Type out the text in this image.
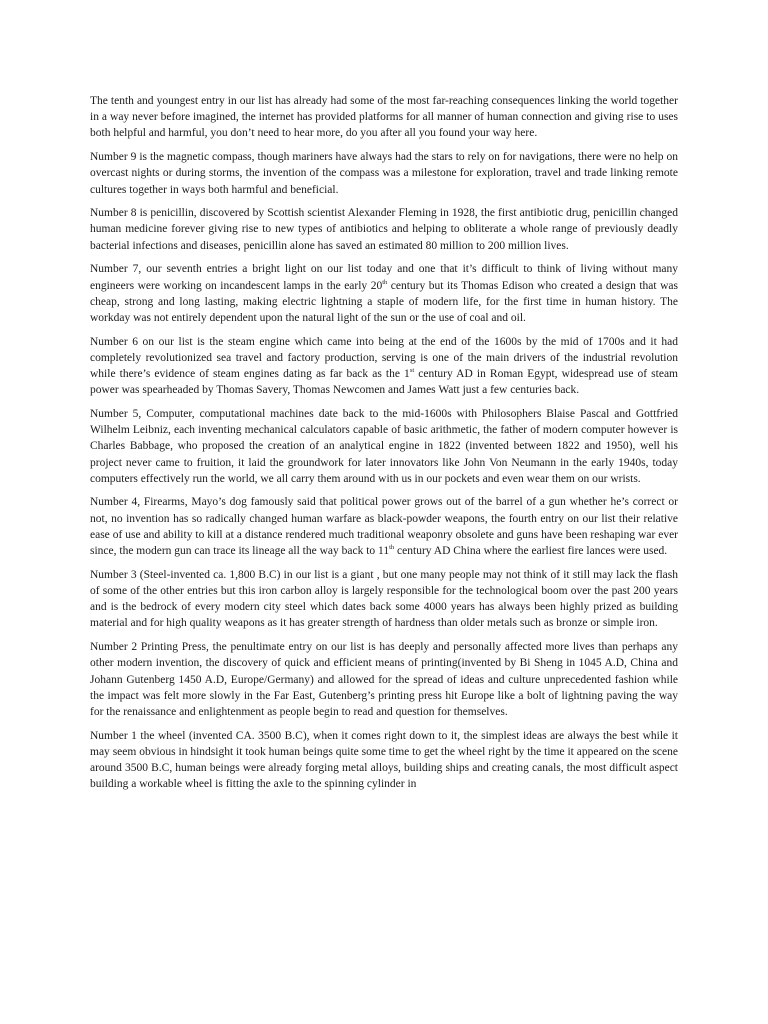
The tenth and youngest entry in our list has already had some of the most far-reaching consequences linking the world together in a way never before imagined, the internet has provided platforms for all manner of human connection and giving rise to uses both helpful and harmful, you don’t need to hear more, do you after all you found your way here.

Number 9 is the magnetic compass, though mariners have always had the stars to rely on for navigations, there were no help on overcast nights or during storms, the invention of the compass was a milestone for exploration, travel and trade linking remote cultures together in ways both harmful and beneficial.

Number 8 is penicillin, discovered by Scottish scientist Alexander Fleming in 1928, the first antibiotic drug, penicillin changed human medicine forever giving rise to new types of antibiotics and helping to obliterate a whole range of previously deadly bacterial infections and diseases, penicillin alone has saved an estimated 80 million to 200 million lives.

Number 7, our seventh entries a bright light on our list today and one that it’s difficult to think of living without many engineers were working on incandescent lamps in the early 20th century but its Thomas Edison who created a design that was cheap, strong and long lasting, making electric lightning a staple of modern life, for the first time in human history. The workday was not entirely dependent upon the natural light of the sun or the use of coal and oil.

Number 6 on our list is the steam engine which came into being at the end of the 1600s by the mid of 1700s and it had completely revolutionized sea travel and factory production, serving is one of the main drivers of the industrial revolution while there’s evidence of steam engines dating as far back as the 1st century AD in Roman Egypt, widespread use of steam power was spearheaded by Thomas Savery, Thomas Newcomen and James Watt just a few centuries back.

Number 5, Computer, computational machines date back to the mid-1600s with Philosophers Blaise Pascal and Gottfried Wilhelm Leibniz, each inventing mechanical calculators capable of basic arithmetic, the father of modern computer however is Charles Babbage, who proposed the creation of an analytical engine in 1822 (invented between 1822 and 1950), well his project never came to fruition, it laid the groundwork for later innovators like John Von Neumann in the early 1940s, today computers effectively run the world, we all carry them around with us in our pockets and even wear them on our wrists.

Number 4, Firearms, Mayo’s dog famously said that political power grows out of the barrel of a gun whether he’s correct or not, no invention has so radically changed human warfare as black-powder weapons, the fourth entry on our list their relative ease of use and ability to kill at a distance rendered much traditional weaponry obsolete and guns have been reshaping war ever since, the modern gun can trace its lineage all the way back to 11th century AD China where the earliest fire lances were used.

Number 3 (Steel-invented ca. 1,800 B.C) in our list is a giant , but one many people may not think of it still may lack the flash of some of the other entries but this iron carbon alloy is largely responsible for the technological boom over the past 200 years and is the bedrock of every modern city steel which dates back some 4000 years has always been highly prized as building material and for high quality weapons as it has greater strength of hardness than older metals such as bronze or simple iron.

Number 2 Printing Press, the penultimate entry on our list is has deeply and personally affected more lives than perhaps any other modern invention, the discovery of quick and efficient means of printing(invented by Bi Sheng in 1045 A.D, China and Johann Gutenberg 1450 A.D, Europe/Germany) and allowed for the spread of ideas and culture unprecedented fashion while the impact was felt more slowly in the Far East, Gutenberg’s printing press hit Europe like a bolt of lightning paving the way for the renaissance and enlightenment as people begin to read and question for themselves.

Number 1 the wheel (invented CA. 3500 B.C), when it comes right down to it, the simplest ideas are always the best while it may seem obvious in hindsight it took human beings quite some time to get the wheel right by the time it appeared on the scene around 3500 B.C, human beings were already forging metal alloys, building ships and creating canals, the most difficult aspect building a workable wheel is fitting the axle to the spinning cylinder in
